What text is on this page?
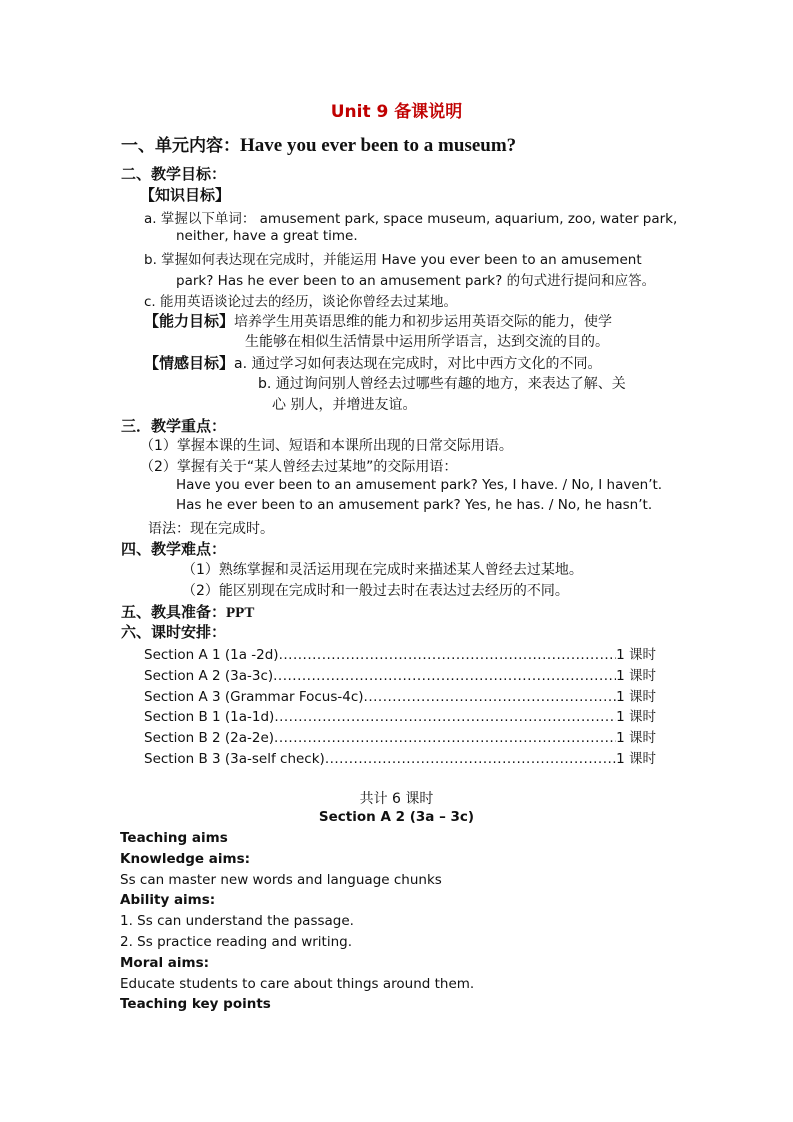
Unit 9 备课说明
一、单元内容：Have you ever been to a museum?
二、教学目标：
【知识目标】
a. 掌握以下单词： amusement park, space museum, aquarium, zoo, water park,
neither, have a great time.
b. 掌握如何表达现在完成时，并能运用 Have you ever been to an amusement
park? Has he ever been to an amusement park? 的句式进行提问和应答。
c. 能用英语谈论过去的经历，谈论你曾经去过某地。
【能力目标】培养学生用英语思维的能力和初步运用英语交际的能力，使学
生能够在相似生活情景中运用所学语言，达到交流的目的。
【情感目标】a. 通过学习如何表达现在完成时，对比中西方文化的不同。
b. 通过询问别人曾经去过哪些有趣的地方，来表达了解、关
心 别人，并增进友谊。
三．教学重点：
（1）掌握本课的生词、短语和本课所出现的日常交际用语。
（2）掌握有关于“某人曾经去过某地”的交际用语：
Have you ever been to an amusement park? Yes, I have. / No, I haven’t.
Has he ever been to an amusement park? Yes, he has. / No, he hasn’t.
语法：现在完成时。
四、教学难点：
（1）熟练掌握和灵活运用现在完成时来描述某人曾经去过某地。
（2）能区别现在完成时和一般过去时在表达过去经历的不同。
五、教具准备：PPT
六、课时安排：
Section A 1 (1a -2d) .....	1 课时
Section A 2 (3a-3c) .....	1 课时
Section A 3 (Grammar Focus-4c) .....	1 课时
Section B 1 (1a-1d) .....	1 课时
Section B 2 (2a-2e) .....	1 课时
Section B 3 (3a-self check) .....	1 课时
共计 6 课时
Section A 2 (3a – 3c)
Teaching aims
Knowledge aims:
Ss can master new words and language chunks
Ability aims:
1. Ss can understand the passage.
2. Ss practice reading and writing.
Moral aims:
Educate students to care about things around them.
Teaching key points
